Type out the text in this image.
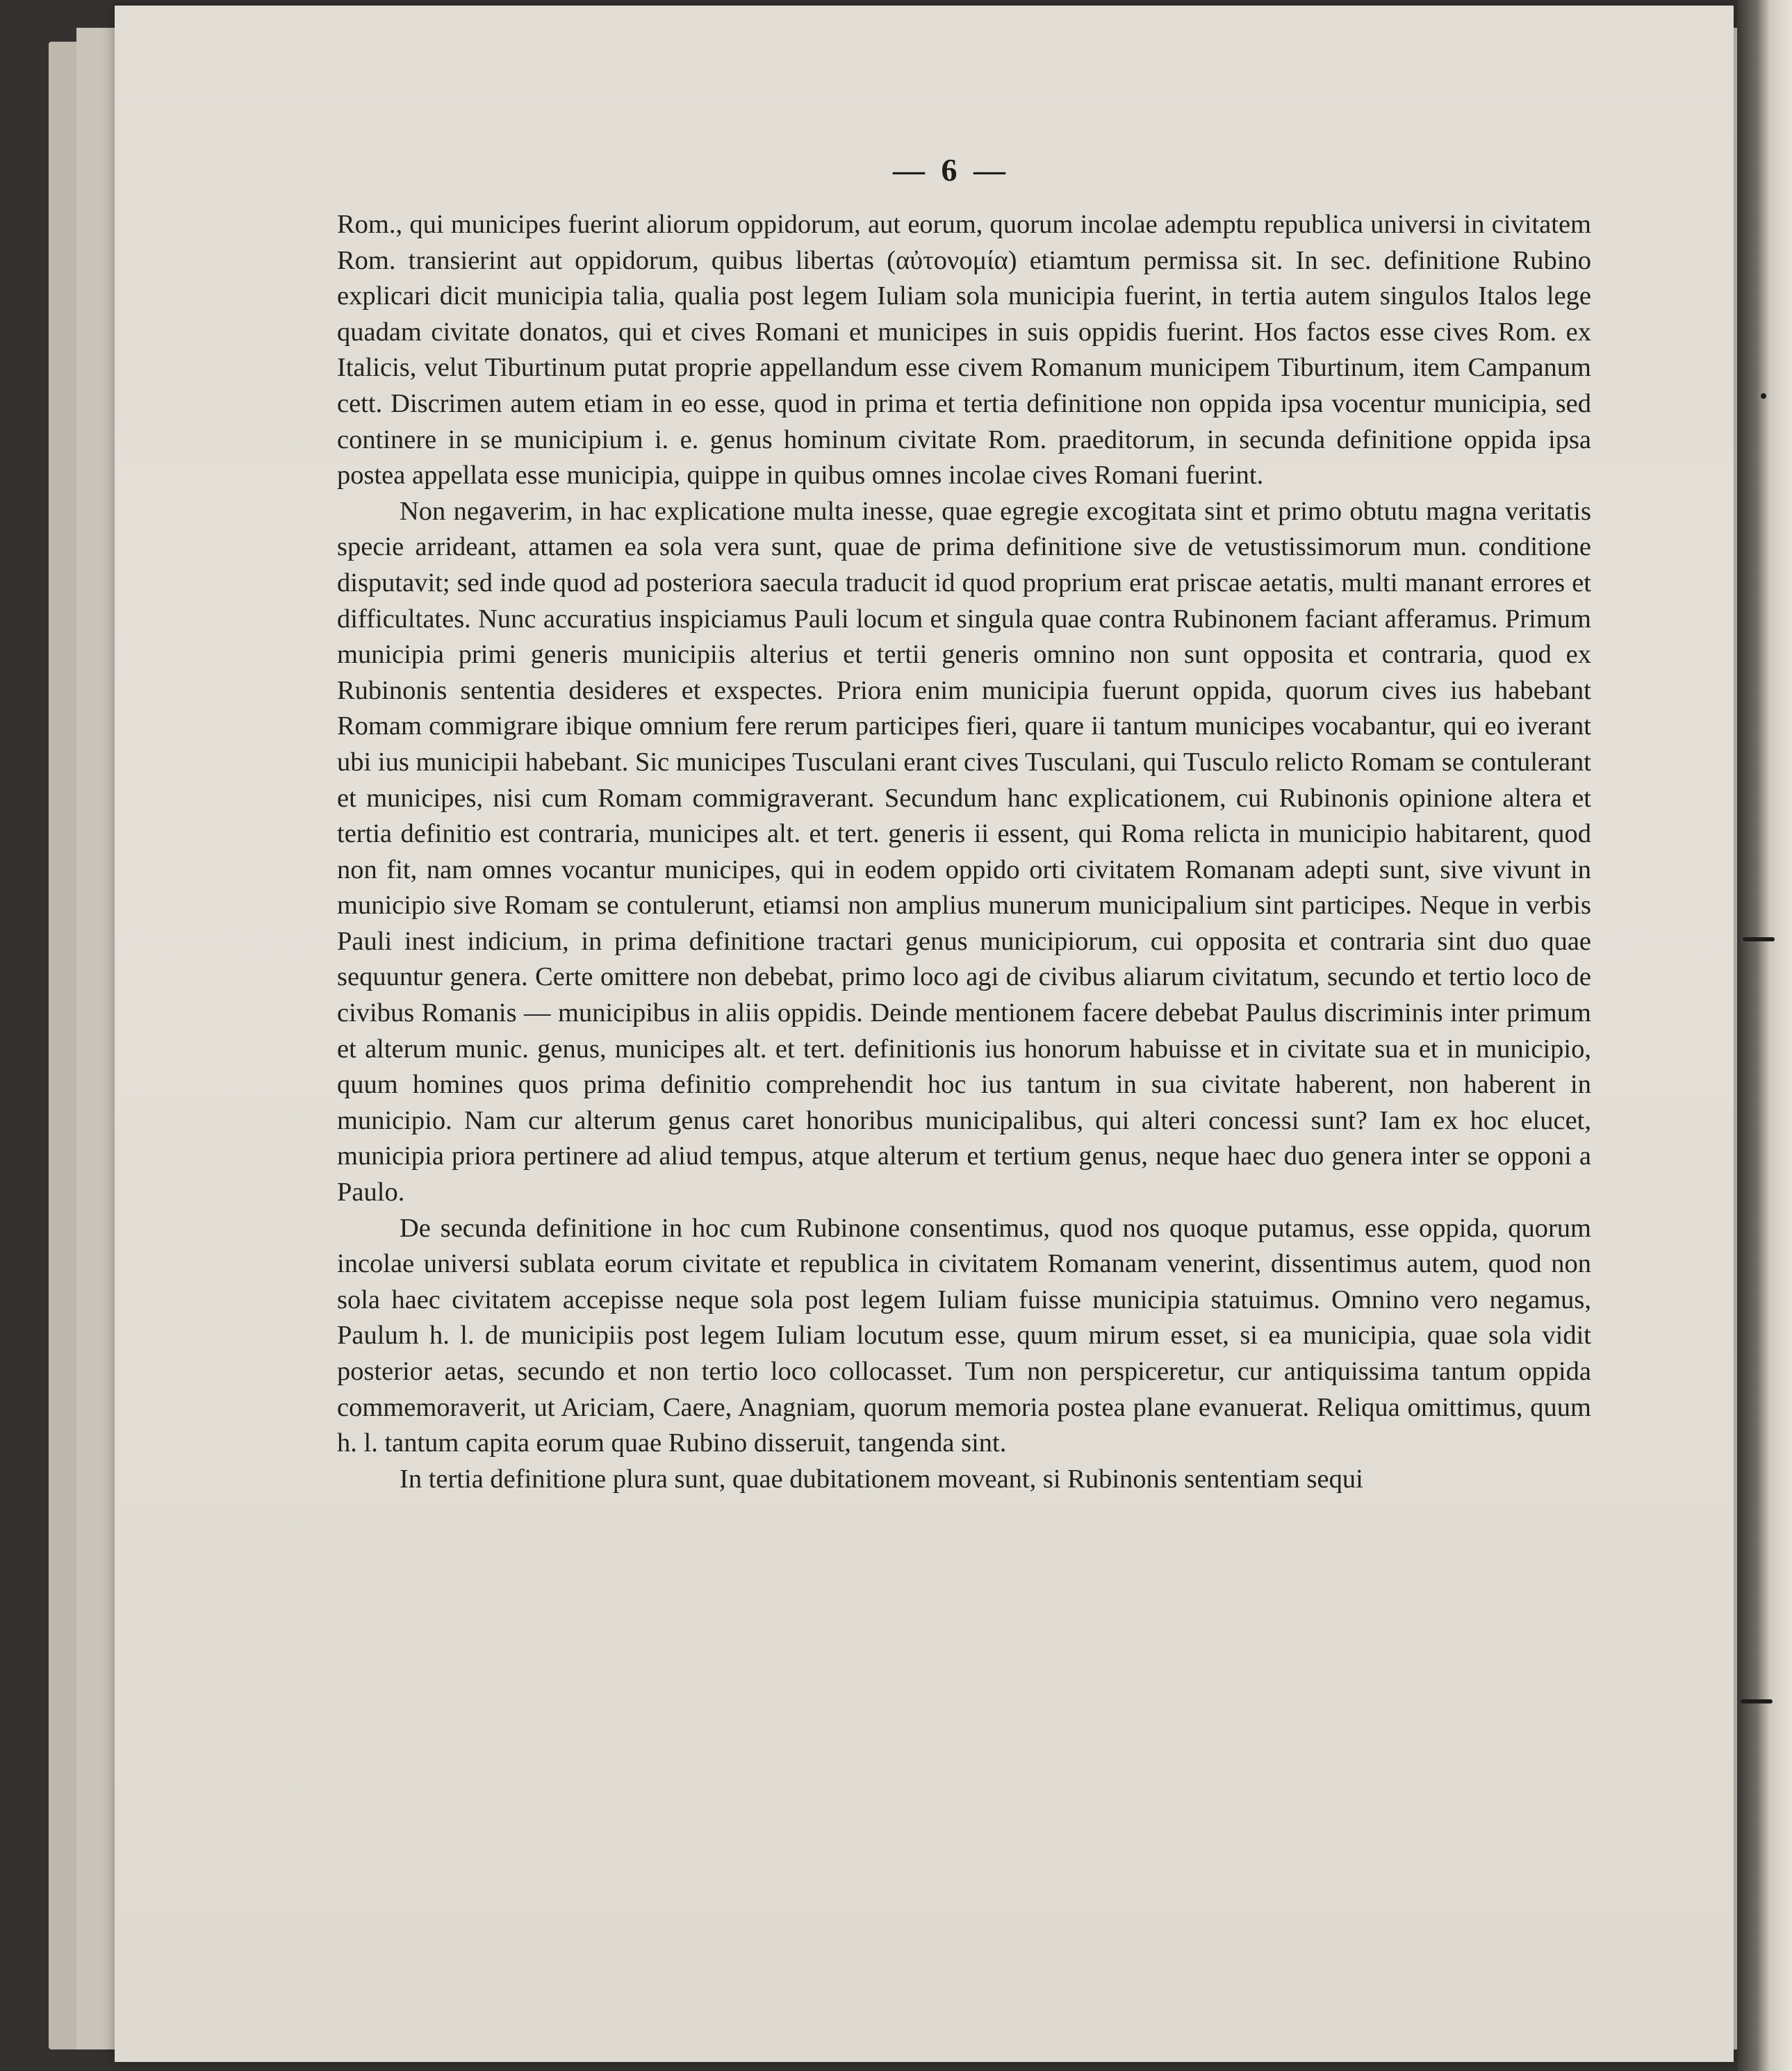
— 6 —

Rom., qui municipes fuerint aliorum oppidorum, aut eorum, quorum incolae ademptu republica universi in civitatem Rom. transierint aut oppidorum, quibus libertas (αὐτονομία) etiamtum permissa sit. In sec. definitione Rubino explicari dicit municipia talia, qualia post legem Iuliam sola municipia fuerint, in tertia autem singulos Italos lege quadam civitate donatos, qui et cives Romani et municipes in suis oppidis fuerint. Hos factos esse cives Rom. ex Italicis, velut Tiburtinum putat proprie appellandum esse civem Romanum municipem Tiburtinum, item Campanum cett. Discrimen autem etiam in eo esse, quod in prima et tertia definitione non oppida ipsa vocentur municipia, sed continere in se municipium i. e. genus hominum civitate Rom. praeditorum, in secunda definitione oppida ipsa postea appellata esse municipia, quippe in quibus omnes incolae cives Romani fuerint.

Non negaverim, in hac explicatione multa inesse, quae egregie excogitata sint et primo obtutu magna veritatis specie arrideant, attamen ea sola vera sunt, quae de prima definitione sive de vetustissimorum mun. conditione disputavit; sed inde quod ad posteriora saecula traducit id quod proprium erat priscae aetatis, multi manant errores et difficultates. Nunc accuratius inspiciamus Pauli locum et singula quae contra Rubinonem faciant afferamus. Primum municipia primi generis municipiis alterius et tertii generis omnino non sunt opposita et contraria, quod ex Rubinonis sententia desideres et exspectes. Priora enim municipia fuerunt oppida, quorum cives ius habebant Romam commigrare ibique omnium fere rerum participes fieri, quare ii tantum municipes vocabantur, qui eo iverant ubi ius municipii habebant. Sic municipes Tusculani erant cives Tusculani, qui Tusculo relicto Romam se contulerant et municipes, nisi cum Romam commigraverant. Secundum hanc explicationem, cui Rubinonis opinione altera et tertia definitio est contraria, municipes alt. et tert. generis ii essent, qui Roma relicta in municipio habitarent, quod non fit, nam omnes vocantur municipes, qui in eodem oppido orti civitatem Romanam adepti sunt, sive vivunt in municipio sive Romam se contulerunt, etiamsi non amplius munerum municipalium sint participes. Neque in verbis Pauli inest indicium, in prima definitione tractari genus municipiorum, cui opposita et contraria sint duo quae sequuntur genera. Certe omittere non debebat, primo loco agi de civibus aliarum civitatum, secundo et tertio loco de civibus Romanis — municipibus in aliis oppidis. Deinde mentionem facere debebat Paulus discriminis inter primum et alterum munic. genus, municipes alt. et tert. definitionis ius honorum habuisse et in civitate sua et in municipio, quum homines quos prima definitio comprehendit hoc ius tantum in sua civitate haberent, non haberent in municipio. Nam cur alterum genus caret honoribus municipalibus, qui alteri concessi sunt? Iam ex hoc elucet, municipia priora pertinere ad aliud tempus, atque alterum et tertium genus, neque haec duo genera inter se opponi a Paulo.

De secunda definitione in hoc cum Rubinone consentimus, quod nos quoque putamus, esse oppida, quorum incolae universi sublata eorum civitate et republica in civitatem Romanam venerint, dissentimus autem, quod non sola haec civitatem accepisse neque sola post legem Iuliam fuisse municipia statuimus. Omnino vero negamus, Paulum h. l. de municipiis post legem Iuliam locutum esse, quum mirum esset, si ea municipia, quae sola vidit posterior aetas, secundo et non tertio loco collocasset. Tum non perspiceretur, cur antiquissima tantum oppida commemoraverit, ut Ariciam, Caere, Anagniam, quorum memoria postea plane evanuerat. Reliqua omittimus, quum h. l. tantum capita eorum quae Rubino disseruit, tangenda sint.

In tertia definitione plura sunt, quae dubitationem moveant, si Rubinonis sententiam sequi
